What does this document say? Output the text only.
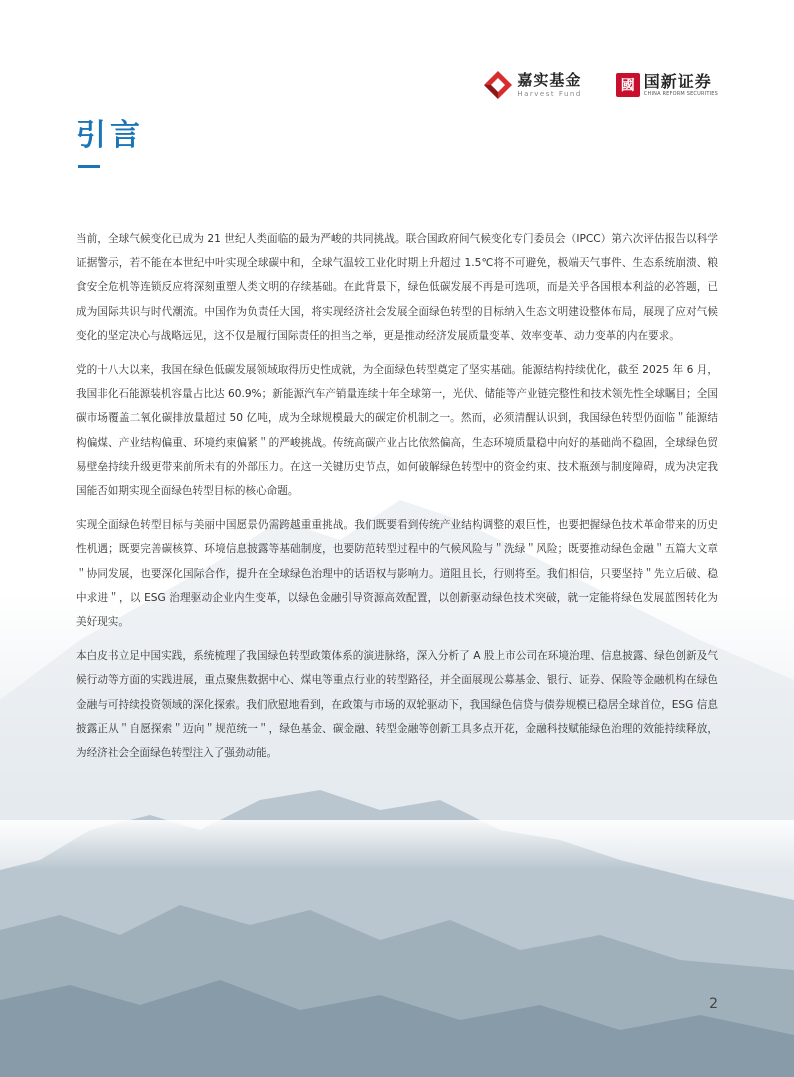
嘉实基金
Harvest Fund	國 国新证券
CHINA REFORM SECURITIES
引言

当前，全球气候变化已成为 21 世纪人类面临的最为严峻的共同挑战。联合国政府间气候变化专门委员会（IPCC）第六次评估报告以科学证据警示，若不能在本世纪中叶实现全球碳中和，全球气温较工业化时期上升超过 1.5℃将不可避免，极端天气事件、生态系统崩溃、粮食安全危机等连锁反应将深刻重塑人类文明的存续基础。在此背景下，绿色低碳发展不再是可选项，而是关乎各国根本利益的必答题，已成为国际共识与时代潮流。中国作为负责任大国，将实现经济社会发展全面绿色转型的目标纳入生态文明建设整体布局，展现了应对气候变化的坚定决心与战略远见，这不仅是履行国际责任的担当之举，更是推动经济发展质量变革、效率变革、动力变革的内在要求。

党的十八大以来，我国在绿色低碳发展领域取得历史性成就，为全面绿色转型奠定了坚实基础。能源结构持续优化，截至 2025 年 6 月，我国非化石能源装机容量占比达 60.9%；新能源汽车产销量连续十年全球第一，光伏、储能等产业链完整性和技术领先性全球瞩目；全国碳市场覆盖二氧化碳排放量超过 50 亿吨，成为全球规模最大的碳定价机制之一。然而，必须清醒认识到，我国绿色转型仍面临＂能源结构偏煤、产业结构偏重、环境约束偏紧＂的严峻挑战。传统高碳产业占比依然偏高，生态环境质量稳中向好的基础尚不稳固，全球绿色贸易壁垒持续升级更带来前所未有的外部压力。在这一关键历史节点，如何破解绿色转型中的资金约束、技术瓶颈与制度障碍，成为决定我国能否如期实现全面绿色转型目标的核心命题。

实现全面绿色转型目标与美丽中国愿景仍需跨越重重挑战。我们既要看到传统产业结构调整的艰巨性，也要把握绿色技术革命带来的历史性机遇；既要完善碳核算、环境信息披露等基础制度，也要防范转型过程中的气候风险与＂洗绿＂风险；既要推动绿色金融＂五篇大文章＂协同发展，也要深化国际合作，提升在全球绿色治理中的话语权与影响力。道阻且长，行则将至。我们相信，只要坚持＂先立后破、稳中求进＂，以 ESG 治理驱动企业内生变革，以绿色金融引导资源高效配置，以创新驱动绿色技术突破，就一定能将绿色发展蓝图转化为美好现实。

本白皮书立足中国实践，系统梳理了我国绿色转型政策体系的演进脉络，深入分析了 A 股上市公司在环境治理、信息披露、绿色创新及气候行动等方面的实践进展，重点聚焦数据中心、煤电等重点行业的转型路径，并全面展现公募基金、银行、证券、保险等金融机构在绿色金融与可持续投资领域的深化探索。我们欣慰地看到，在政策与市场的双轮驱动下，我国绿色信贷与债券规模已稳居全球首位，ESG 信息披露正从＂自愿探索＂迈向＂规范统一＂，绿色基金、碳金融、转型金融等创新工具多点开花，金融科技赋能绿色治理的效能持续释放，为经济社会全面绿色转型注入了强劲动能。

2
